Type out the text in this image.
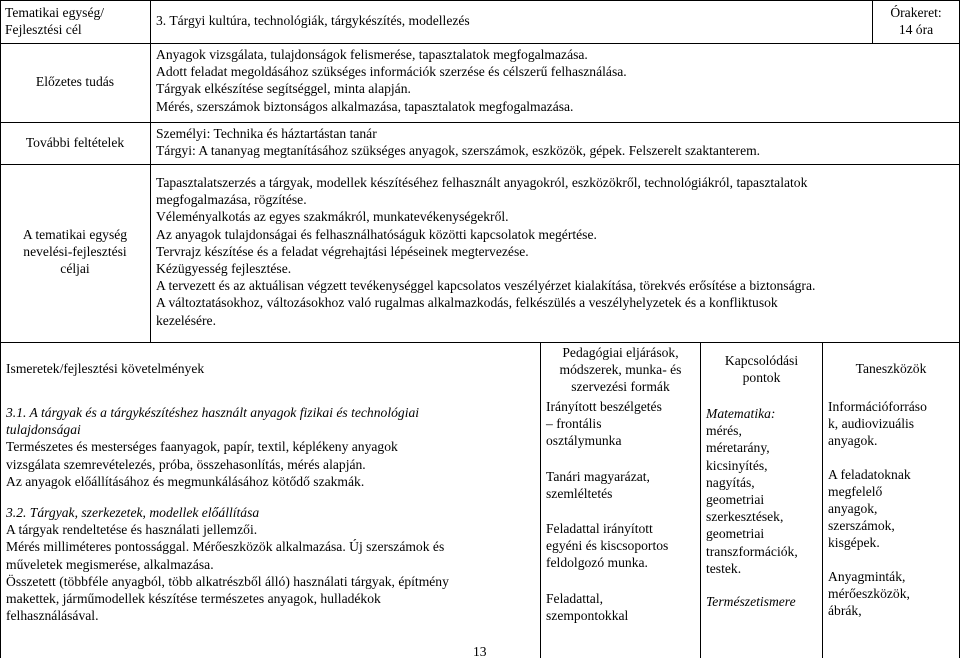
Tematikai egység/
Fejlesztési cél
3. Tárgyi kultúra, technológiák, tárgykészítés, modellezés
Órakeret:
14 óra
Előzetes tudás
Anyagok vizsgálata, tulajdonságok felismerése, tapasztalatok megfogalmazása.
Adott feladat megoldásához szükséges információk szerzése és célszerű felhasználása.
Tárgyak elkészítése segítséggel, minta alapján.
Mérés, szerszámok biztonságos alkalmazása, tapasztalatok megfogalmazása.
További feltételek
Személyi: Technika és háztartástan tanár
Tárgyi: A tananyag megtanításához szükséges anyagok, szerszámok, eszközök, gépek. Felszerelt szaktanterem.
A tematikai egység
nevelési-fejlesztési
céljai
Tapasztalatszerzés a tárgyak, modellek készítéséhez felhasznált anyagokról, eszközökről, technológiákról, tapasztalatok
megfogalmazása, rögzítése.
Véleményalkotás az egyes szakmákról, munkatevékenységekről.
Az anyagok tulajdonságai és felhasználhatóságuk közötti kapcsolatok megértése.
Tervrajz készítése és a feladat végrehajtási lépéseinek megtervezése.
Kézügyesség fejlesztése.
A tervezett és az aktuálisan végzett tevékenységgel kapcsolatos veszélyérzet kialakítása, törekvés erősítése a biztonságra.
A változtatásokhoz, változásokhoz való rugalmas alkalmazkodás, felkészülés a veszélyhelyzetek és a konfliktusok
kezelésére.
Ismeretek/fejlesztési követelmények
Pedagógiai eljárások,
módszerek, munka- és
szervezési formák
Kapcsolódási
pontok
Taneszközök
3.1. A tárgyak és a tárgykészítéshez használt anyagok fizikai és technológiai
tulajdonságai
Természetes és mesterséges faanyagok, papír, textil, képlékeny anyagok
vizsgálata szemrevételezés, próba, összehasonlítás, mérés alapján.
Az anyagok előállításához és megmunkálásához kötődő szakmák.
3.2. Tárgyak, szerkezetek, modellek előállítása
A tárgyak rendeltetése és használati jellemzői.
Mérés milliméteres pontossággal. Mérőeszközök alkalmazása. Új szerszámok és
műveletek megismerése, alkalmazása.
Összetett (többféle anyagból, több alkatrészből álló) használati tárgyak, építmény
makettek, járműmodellek készítése természetes anyagok, hulladékok
felhasználásával.
Irányított beszélgetés
– frontális
osztálymunka
Tanári magyarázat,
szemléltetés
Feladattal irányított
egyéni és kiscsoportos
feldolgozó munka.
Feladattal,
szempontokkal
Matematika:
mérés,
méretarány,
kicsinyítés,
nagyítás,
geometriai
szerkesztések,
geometriai
transzformációk,
testek.
Természetismere
Információforráso
k, audiovizuális
anyagok.
A feladatoknak
megfelelő
anyagok,
szerszámok,
kisgépek.
Anyagminták,
mérőeszközök,
ábrák,
13
